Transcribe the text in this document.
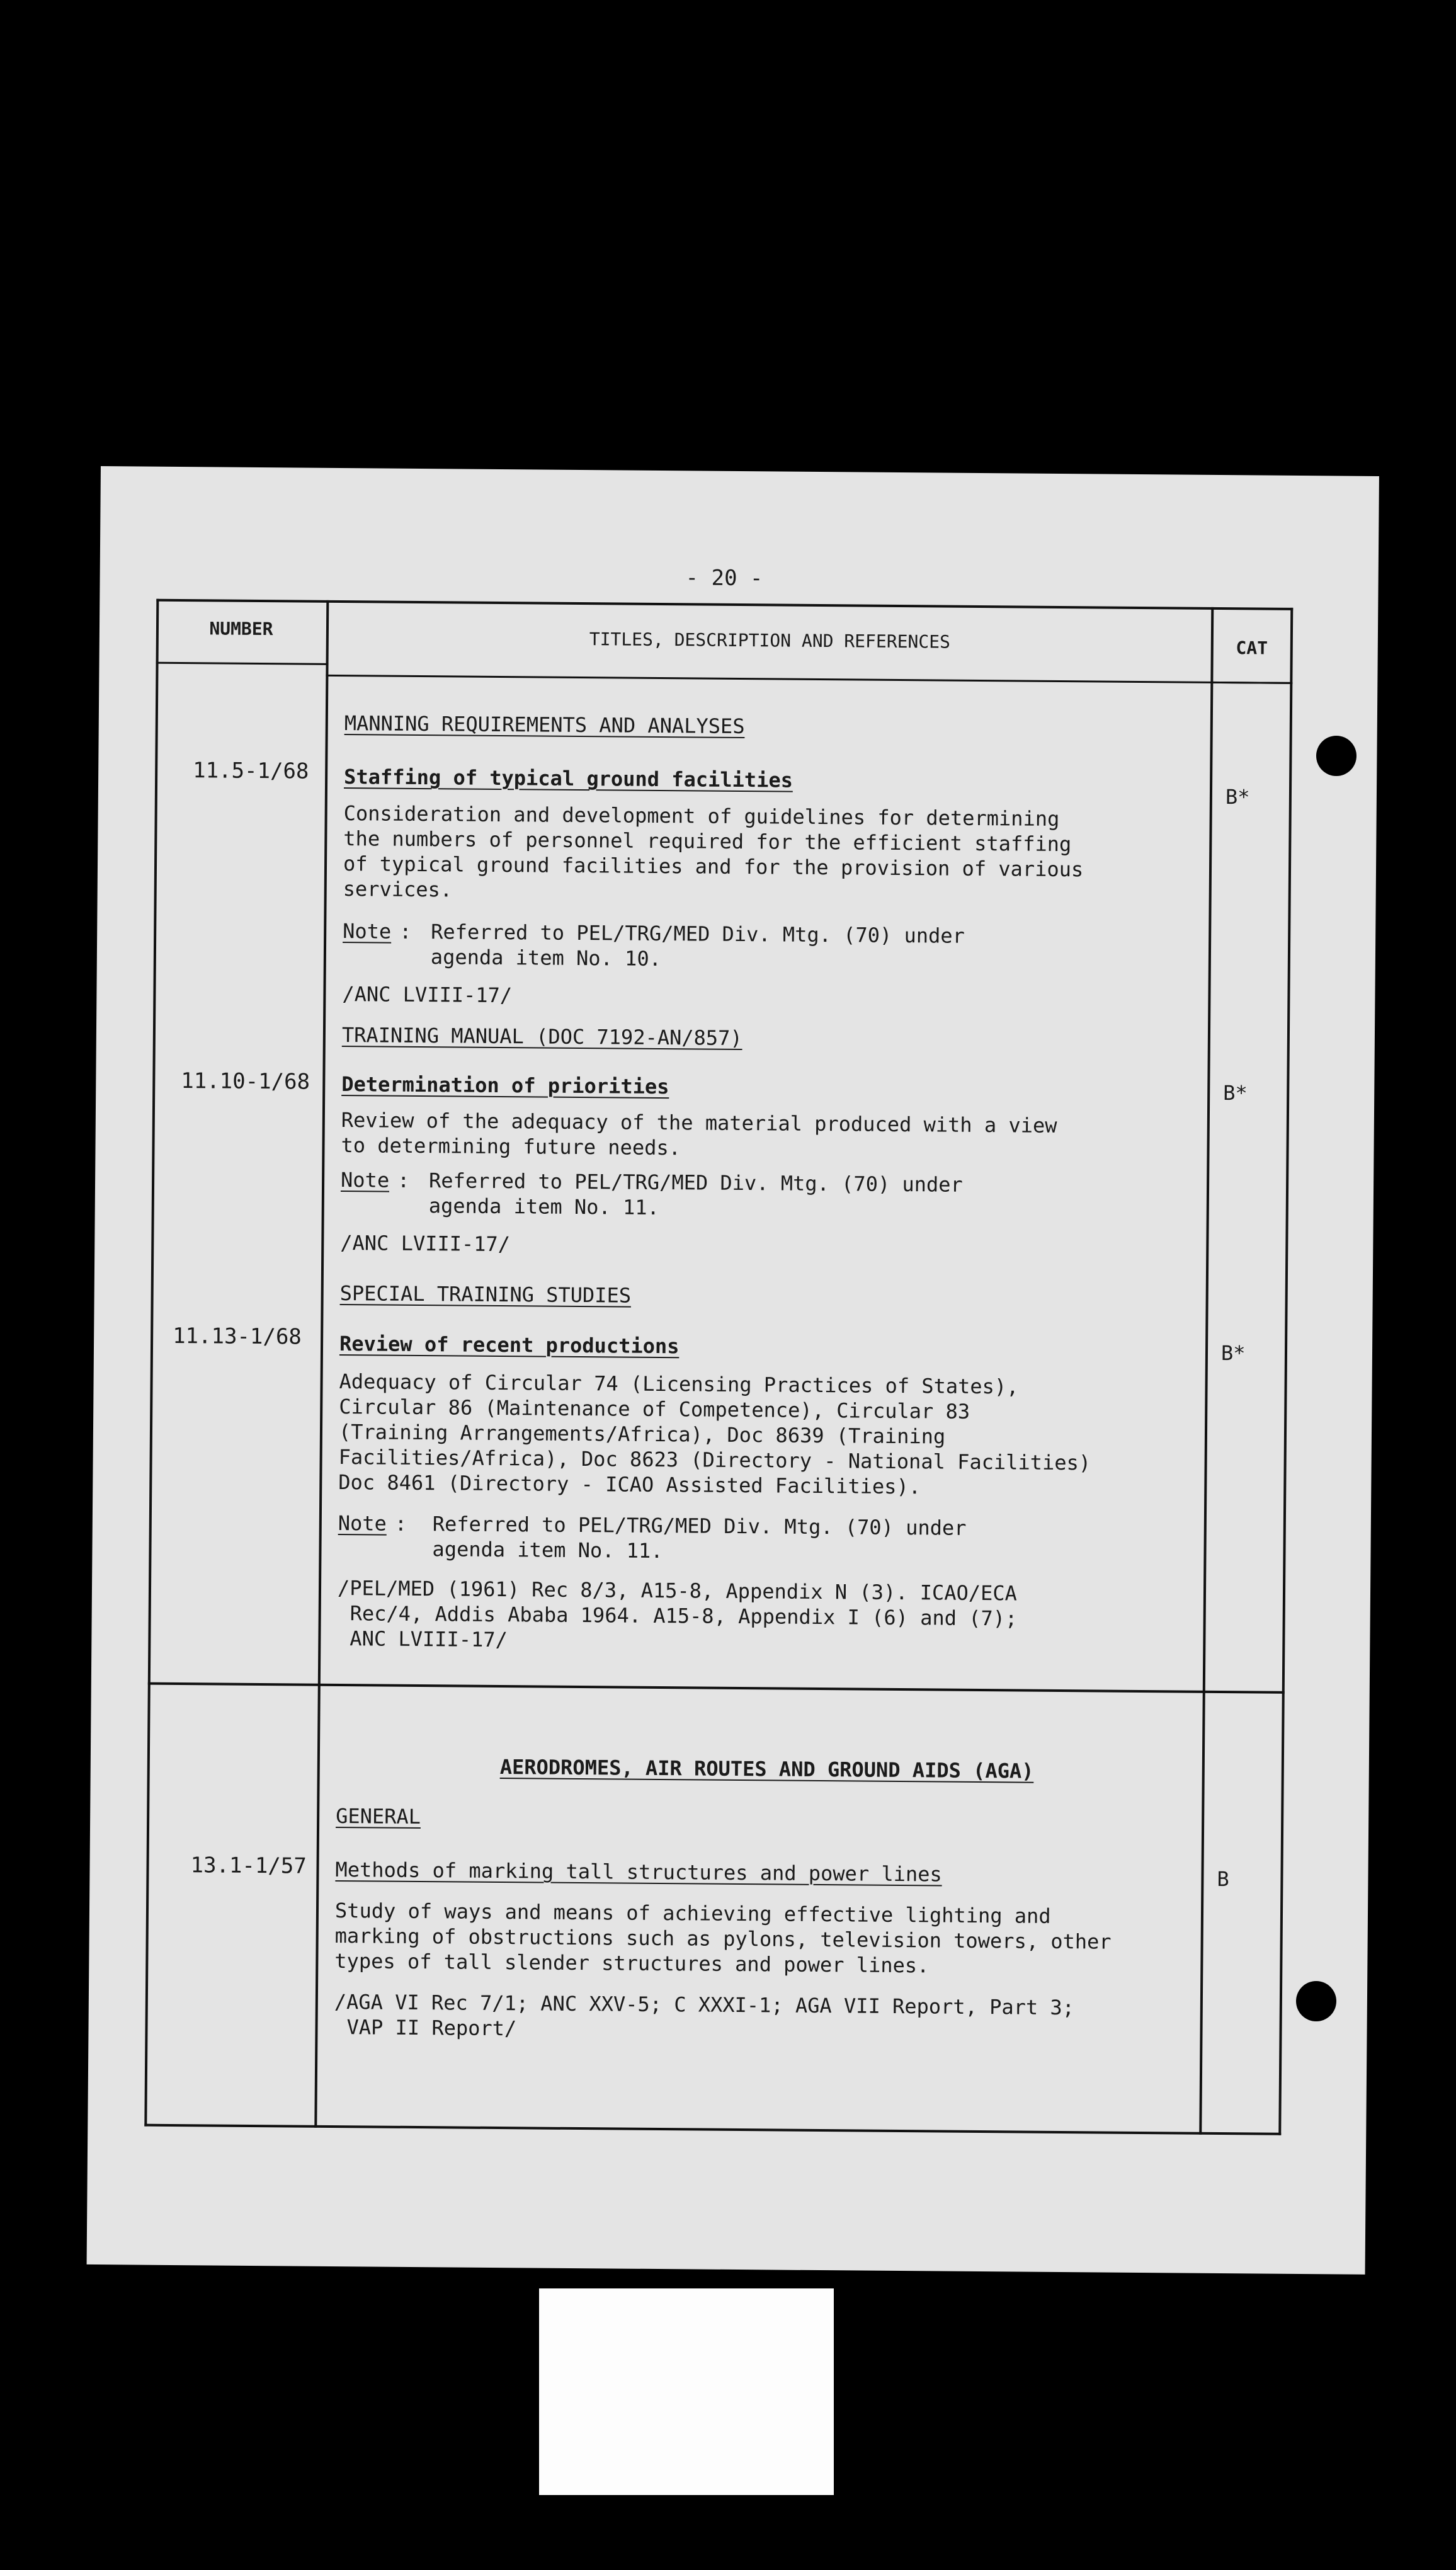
- 20 -
NUMBER	TITLES, DESCRIPTION AND REFERENCES	CAT
MANNING REQUIREMENTS AND ANALYSES
11.5-1/68 Staffing of typical ground facilities
Consideration and development of guidelines for determining
the numbers of personnel required for the efficient staffing
of typical ground facilities and for the provision of various
services.
Note : Referred to PEL/TRG/MED Div. Mtg. (70) under
agenda item No. 10.
/ANC LVIII-17/
B*
TRAINING MANUAL (DOC 7192-AN/857)
11.10-1/68 Determination of priorities
Review of the adequacy of the material produced with a view
to determining future needs.
Note : Referred to PEL/TRG/MED Div. Mtg. (70) under
agenda item No. 11.
/ANC LVIII-17/
B*
SPECIAL TRAINING STUDIES
11.13-1/68 Review of recent productions
Adequacy of Circular 74 (Licensing Practices of States),
Circular 86 (Maintenance of Competence), Circular 83
(Training Arrangements/Africa), Doc 8639 (Training
Facilities/Africa), Doc 8623 (Directory - National Facilities)
Doc 8461 (Directory - ICAO Assisted Facilities).
Note : Referred to PEL/TRG/MED Div. Mtg. (70) under
agenda item No. 11.
/PEL/MED (1961) Rec 8/3, A15-8, Appendix N (3). ICAO/ECA
Rec/4, Addis Ababa 1964. A15-8, Appendix I (6) and (7);
ANC LVIII-17/
B*
AERODROMES, AIR ROUTES AND GROUND AIDS (AGA)
GENERAL
13.1-1/57 Methods of marking tall structures and power lines
Study of ways and means of achieving effective lighting and
marking of obstructions such as pylons, television towers, other
types of tall slender structures and power lines.
/AGA VI Rec 7/1; ANC XXV-5; C XXXI-1; AGA VII Report, Part 3;
VAP II Report/
B
